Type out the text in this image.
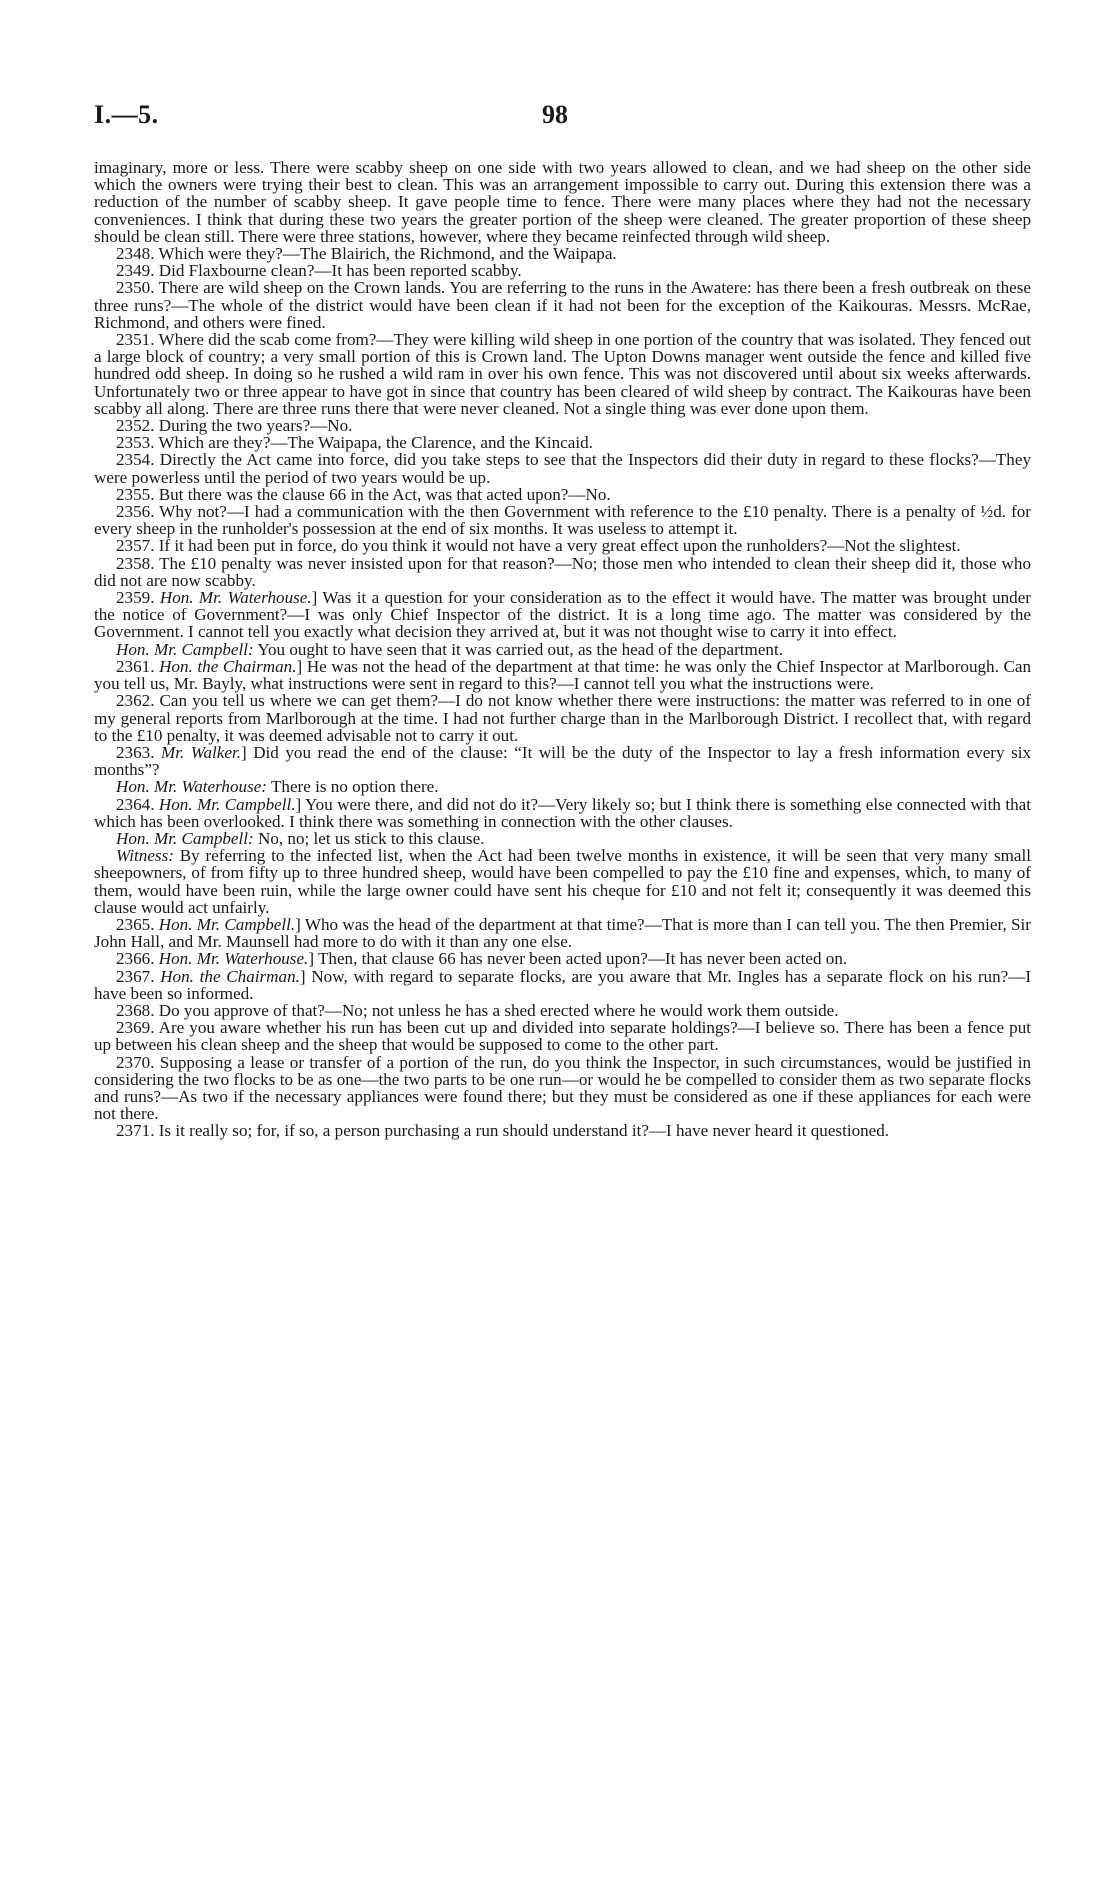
I.—5.	98

imaginary, more or less. There were scabby sheep on one side with two years allowed to clean, and we had sheep on the other side which the owners were trying their best to clean. This was an arrangement impossible to carry out. During this extension there was a reduction of the number of scabby sheep. It gave people time to fence. There were many places where they had not the necessary conveniences. I think that during these two years the greater portion of the sheep were cleaned. The greater proportion of these sheep should be clean still. There were three stations, however, where they became reinfected through wild sheep.

2348. Which were they?—The Blairich, the Richmond, and the Waipapa.

2349. Did Flaxbourne clean?—It has been reported scabby.

2350. There are wild sheep on the Crown lands. You are referring to the runs in the Awatere: has there been a fresh outbreak on these three runs?—The whole of the district would have been clean if it had not been for the exception of the Kaikouras. Messrs. McRae, Richmond, and others were fined.

2351. Where did the scab come from?—They were killing wild sheep in one portion of the country that was isolated. They fenced out a large block of country; a very small portion of this is Crown land. The Upton Downs manager went outside the fence and killed five hundred odd sheep. In doing so he rushed a wild ram in over his own fence. This was not discovered until about six weeks afterwards. Unfortunately two or three appear to have got in since that country has been cleared of wild sheep by contract. The Kaikouras have been scabby all along. There are three runs there that were never cleaned. Not a single thing was ever done upon them.

2352. During the two years?—No.

2353. Which are they?—The Waipapa, the Clarence, and the Kincaid.

2354. Directly the Act came into force, did you take steps to see that the Inspectors did their duty in regard to these flocks?—They were powerless until the period of two years would be up.

2355. But there was the clause 66 in the Act, was that acted upon?—No.

2356. Why not?—I had a communication with the then Government with reference to the £10 penalty. There is a penalty of ½d. for every sheep in the runholder's possession at the end of six months. It was useless to attempt it.

2357. If it had been put in force, do you think it would not have a very great effect upon the runholders?—Not the slightest.

2358. The £10 penalty was never insisted upon for that reason?—No; those men who intended to clean their sheep did it, those who did not are now scabby.

2359. Hon. Mr. Waterhouse.] Was it a question for your consideration as to the effect it would have. The matter was brought under the notice of Government?—I was only Chief Inspector of the district. It is a long time ago. The matter was considered by the Government. I cannot tell you exactly what decision they arrived at, but it was not thought wise to carry it into effect.

Hon. Mr. Campbell: You ought to have seen that it was carried out, as the head of the department.

2361. Hon. the Chairman.] He was not the head of the department at that time: he was only the Chief Inspector at Marlborough. Can you tell us, Mr. Bayly, what instructions were sent in regard to this?—I cannot tell you what the instructions were.

2362. Can you tell us where we can get them?—I do not know whether there were instructions: the matter was referred to in one of my general reports from Marlborough at the time. I had not further charge than in the Marlborough District. I recollect that, with regard to the £10 penalty, it was deemed advisable not to carry it out.

2363. Mr. Walker.] Did you read the end of the clause: “It will be the duty of the Inspector to lay a fresh information every six months”?

Hon. Mr. Waterhouse: There is no option there.

2364. Hon. Mr. Campbell.] You were there, and did not do it?—Very likely so; but I think there is something else connected with that which has been overlooked. I think there was something in connection with the other clauses.

Hon. Mr. Campbell: No, no; let us stick to this clause.

Witness: By referring to the infected list, when the Act had been twelve months in existence, it will be seen that very many small sheepowners, of from fifty up to three hundred sheep, would have been compelled to pay the £10 fine and expenses, which, to many of them, would have been ruin, while the large owner could have sent his cheque for £10 and not felt it; consequently it was deemed this clause would act unfairly.

2365. Hon. Mr. Campbell.] Who was the head of the department at that time?—That is more than I can tell you. The then Premier, Sir John Hall, and Mr. Maunsell had more to do with it than any one else.

2366. Hon. Mr. Waterhouse.] Then, that clause 66 has never been acted upon?—It has never been acted on.

2367. Hon. the Chairman.] Now, with regard to separate flocks, are you aware that Mr. Ingles has a separate flock on his run?—I have been so informed.

2368. Do you approve of that?—No; not unless he has a shed erected where he would work them outside.

2369. Are you aware whether his run has been cut up and divided into separate holdings?—I believe so. There has been a fence put up between his clean sheep and the sheep that would be supposed to come to the other part.

2370. Supposing a lease or transfer of a portion of the run, do you think the Inspector, in such circumstances, would be justified in considering the two flocks to be as one—the two parts to be one run—or would he be compelled to consider them as two separate flocks and runs?—As two if the necessary appliances were found there; but they must be considered as one if these appliances for each were not there.

2371. Is it really so; for, if so, a person purchasing a run should understand it?—I have never heard it questioned.
